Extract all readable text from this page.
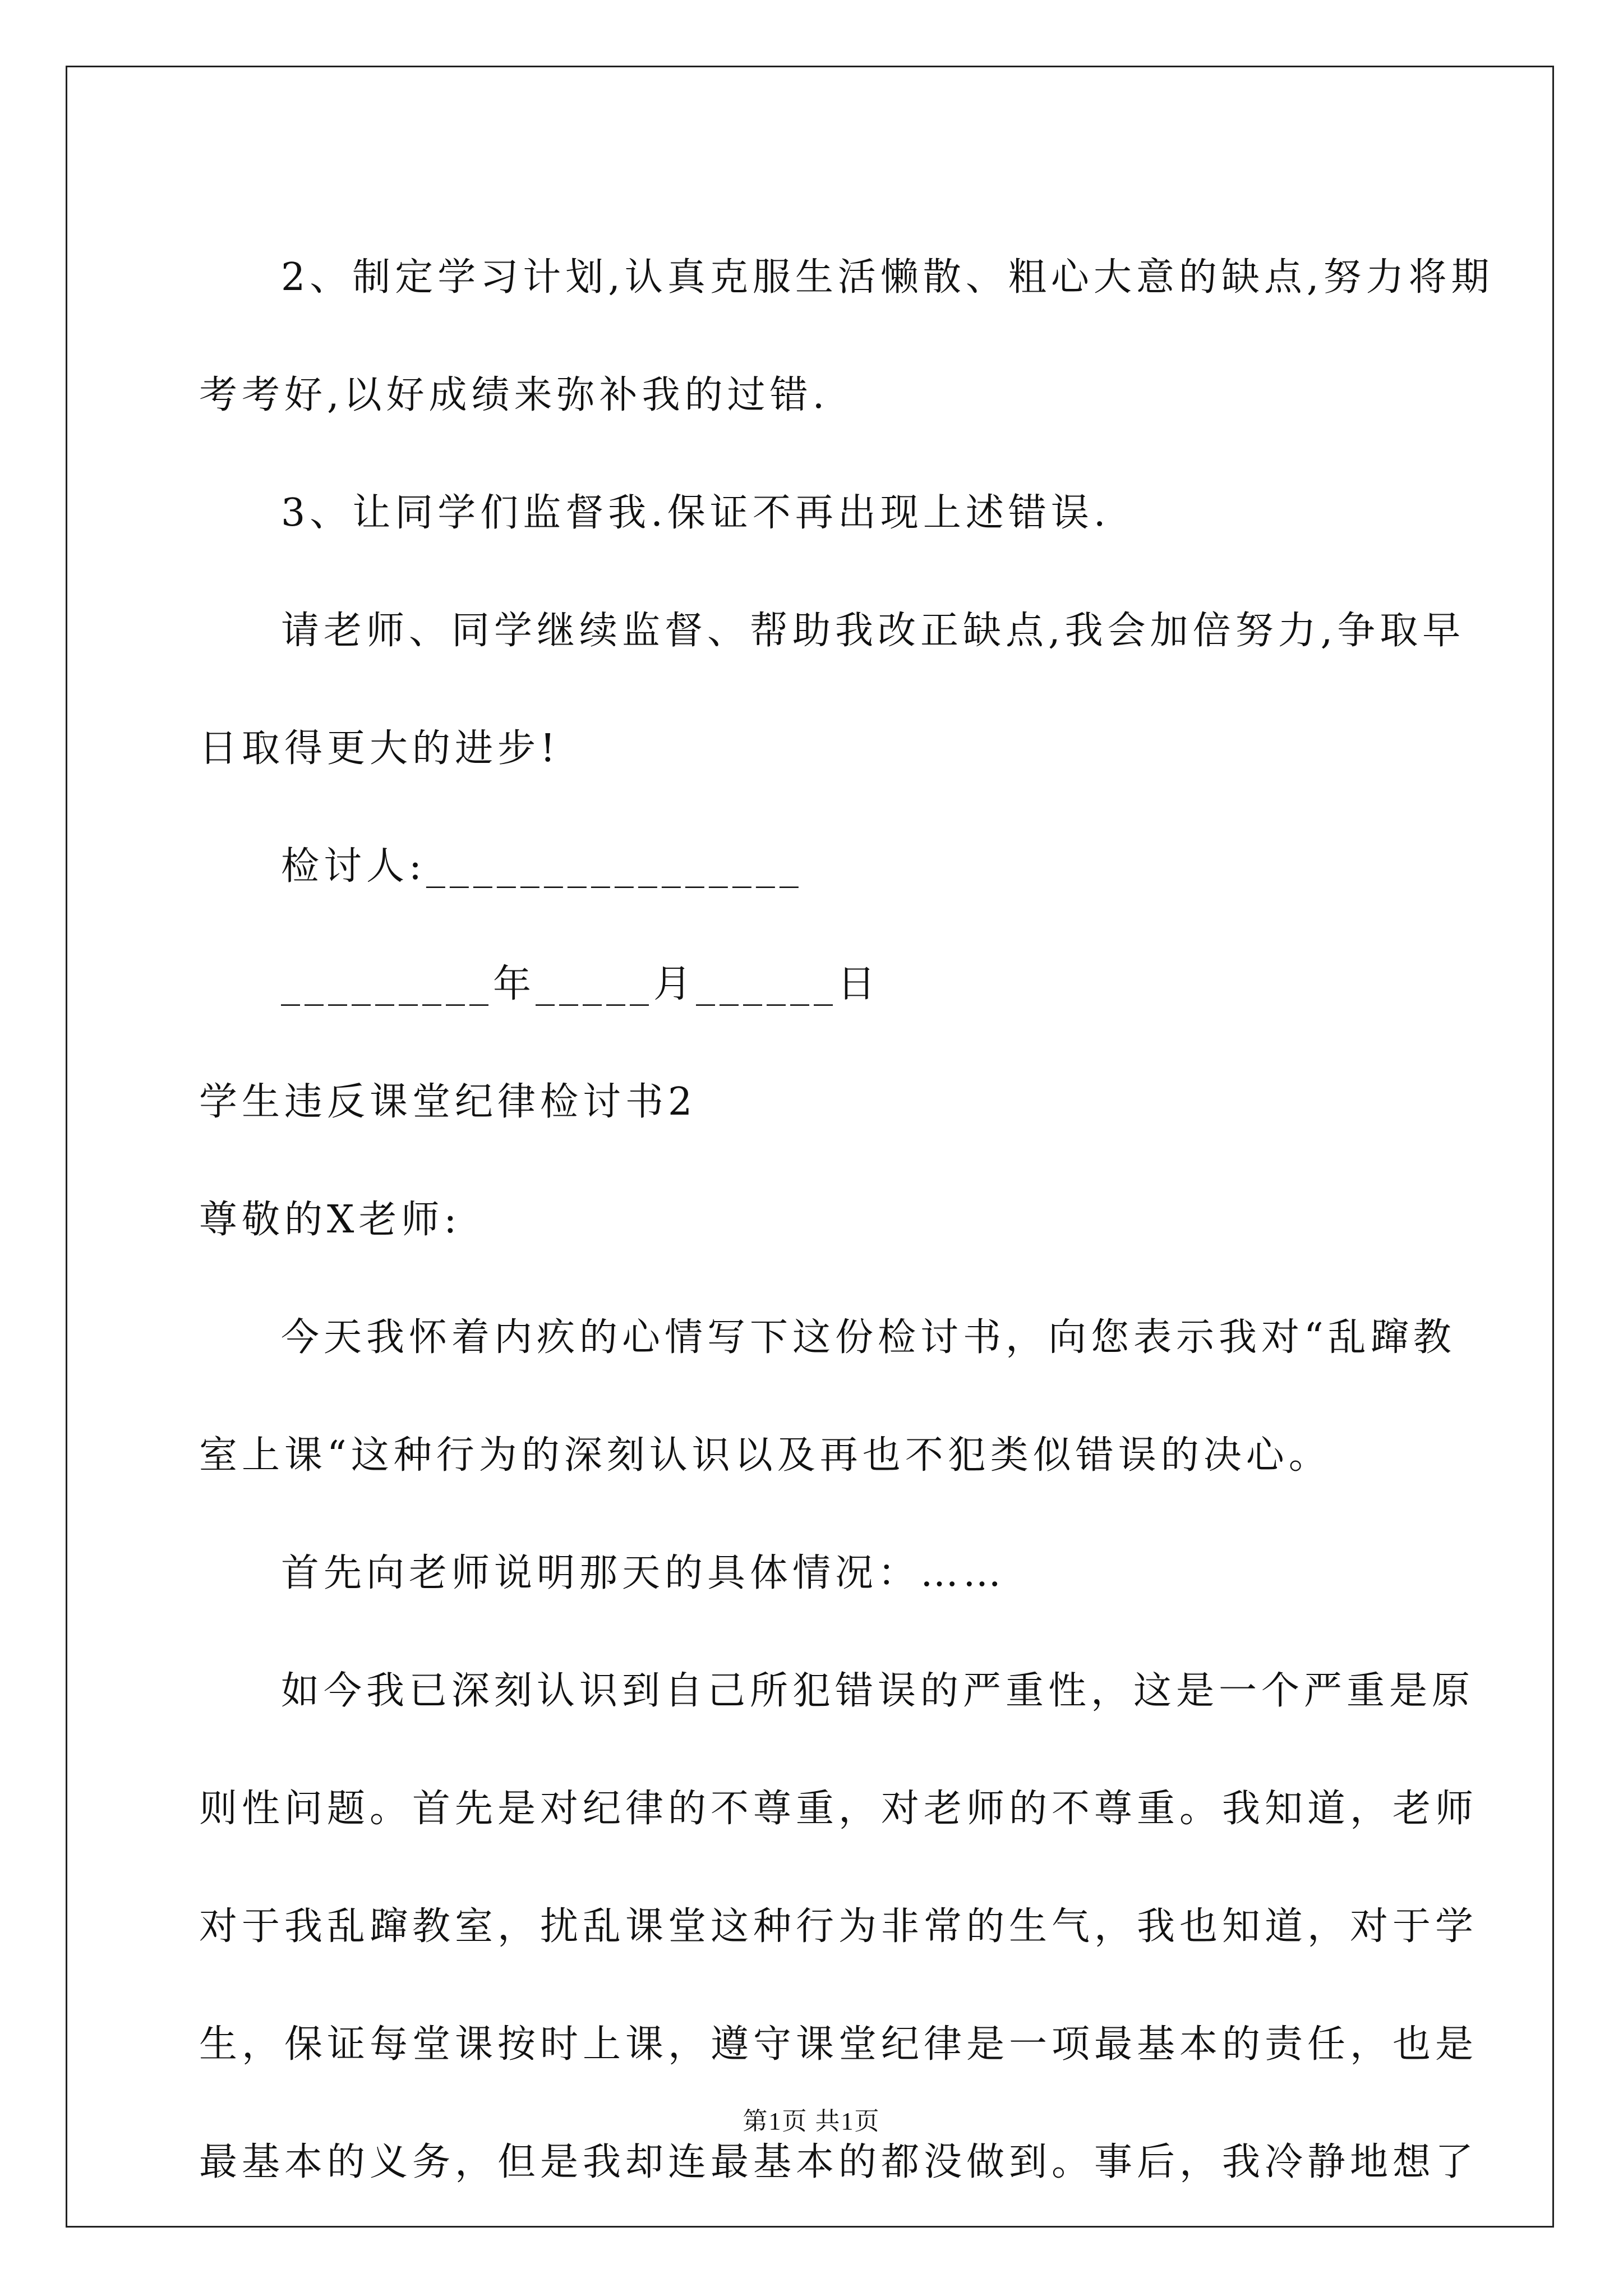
2、制定学习计划,认真克服生活懒散、粗心大意的缺点,努力将期
考考好,以好成绩来弥补我的过错.
3、让同学们监督我.保证不再出现上述错误.
请老师、同学继续监督、帮助我改正缺点,我会加倍努力,争取早
日取得更大的进步!
检讨人:________________
_________年_____月______日
学生违反课堂纪律检讨书2
尊敬的X老师:
今天我怀着内疚的心情写下这份检讨书，向您表示我对“乱蹿教
室上课“这种行为的深刻认识以及再也不犯类似错误的决心。
首先向老师说明那天的具体情况：……
如今我已深刻认识到自己所犯错误的严重性，这是一个严重是原
则性问题。首先是对纪律的不尊重，对老师的不尊重。我知道，老师
对于我乱蹿教室，扰乱课堂这种行为非常的生气，我也知道，对于学
生，保证每堂课按时上课，遵守课堂纪律是一项最基本的责任，也是
最基本的义务，但是我却连最基本的都没做到。事后，我冷静地想了
第1页 共1页
